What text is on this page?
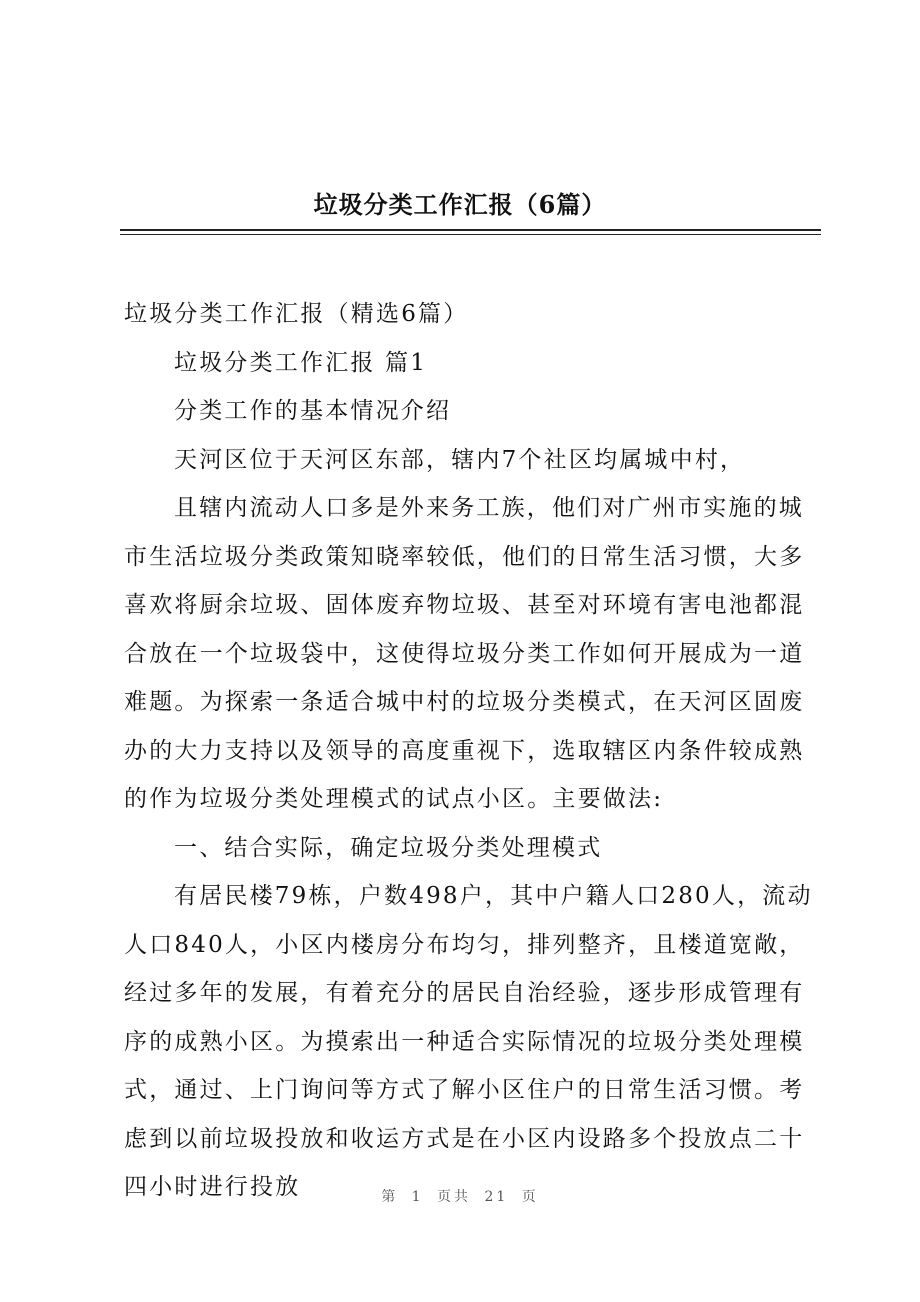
垃圾分类工作汇报（6篇）

垃圾分类工作汇报（精选6篇）

垃圾分类工作汇报 篇1

分类工作的基本情况介绍

天河区位于天河区东部，辖内7个社区均属城中村，

且辖内流动人口多是外来务工族，他们对广州市实施的城市生活垃圾分类政策知晓率较低，他们的日常生活习惯，大多喜欢将厨余垃圾、固体废弃物垃圾、甚至对环境有害电池都混合放在一个垃圾袋中，这使得垃圾分类工作如何开展成为一道难题。为探索一条适合城中村的垃圾分类模式，在天河区固废办的大力支持以及领导的高度重视下，选取辖区内条件较成熟的作为垃圾分类处理模式的试点小区。主要做法:

一、结合实际，确定垃圾分类处理模式

有居民楼79栋，户数498户，其中户籍人口280人，流动人口840人，小区内楼房分布均匀，排列整齐，且楼道宽敞，经过多年的发展，有着充分的居民自治经验，逐步形成管理有序的成熟小区。为摸索出一种适合实际情况的垃圾分类处理模式，通过、上门询问等方式了解小区住户的日常生活习惯。考虑到以前垃圾投放和收运方式是在小区内设路多个投放点二十四小时进行投放	第 1 页共 21 页
